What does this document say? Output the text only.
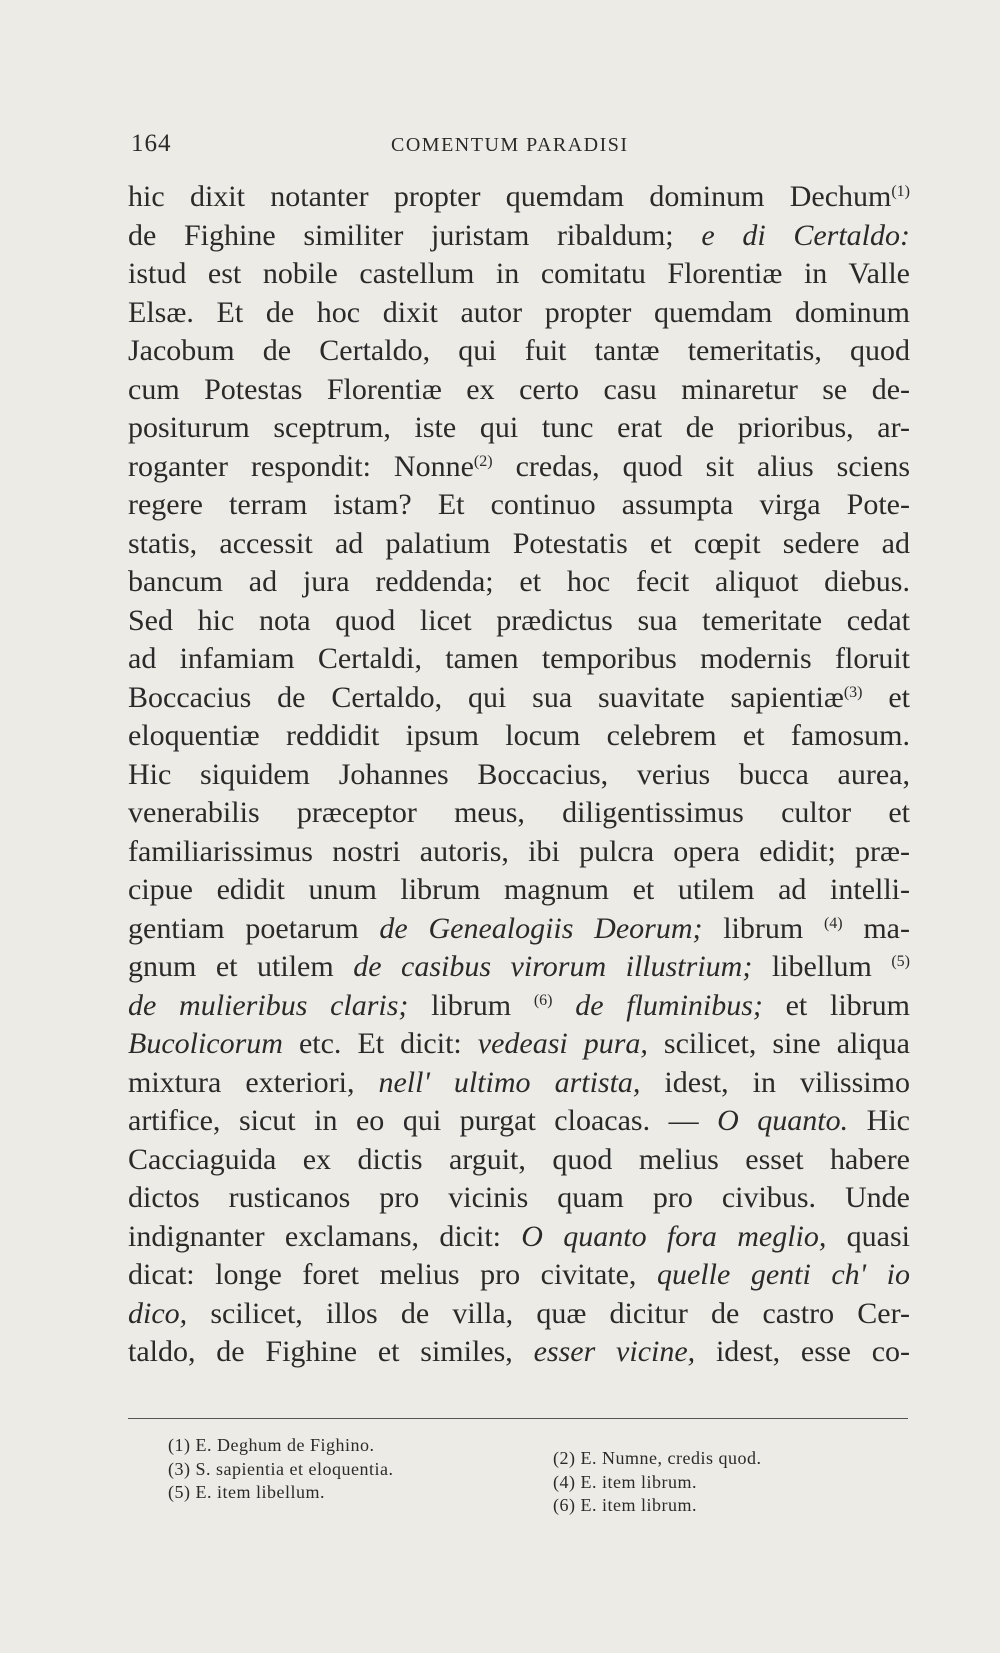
164	COMENTUM PARADISI
hic dixit notanter propter quemdam dominum Dechum$^{(1)}$
de Fighine similiter juristam ribaldum; e di Certaldo:
istud est nobile castellum in comitatu Florentiæ in Valle
Elsæ. Et de hoc dixit autor propter quemdam dominum
Jacobum de Certaldo, qui fuit tantæ temeritatis, quod
cum Potestas Florentiæ ex certo casu minaretur se de-
positurum sceptrum, iste qui tunc erat de prioribus, ar-
roganter respondit: Nonne$^{(2)}$ credas, quod sit alius sciens
regere terram istam? Et continuo assumpta virga Pote-
statis, accessit ad palatium Potestatis et cœpit sedere ad
bancum ad jura reddenda; et hoc fecit aliquot diebus.
Sed hic nota quod licet prædictus sua temeritate cedat
ad infamiam Certaldi, tamen temporibus modernis floruit
Boccacius de Certaldo, qui sua suavitate sapientiæ$^{(3)}$ et
eloquentiæ reddidit ipsum locum celebrem et famosum.
Hic siquidem Johannes Boccacius, verius bucca aurea,
venerabilis præceptor meus, diligentissimus cultor et
familiarissimus nostri autoris, ibi pulcra opera edidit; præ-
cipue edidit unum librum magnum et utilem ad intelli-
gentiam poetarum de Genealogiis Deorum; librum $^{(4)}$ ma-
gnum et utilem de casibus virorum illustrium; libellum $^{(5)}$
de mulieribus claris; librum $^{(6)}$ de fluminibus; et librum
Bucolicorum etc. Et dicit: vedeasi pura, scilicet, sine aliqua
mixtura exteriori, nell' ultimo artista, idest, in vilissimo
artifice, sicut in eo qui purgat cloacas. — O quanto. Hic
Cacciaguida ex dictis arguit, quod melius esset habere
dictos rusticanos pro vicinis quam pro civibus. Unde
indignanter exclamans, dicit: O quanto fora meglio, quasi
dicat: longe foret melius pro civitate, quelle genti ch' io
dico, scilicet, illos de villa, quæ dicitur de castro Cer-
taldo, de Fighine et similes, esser vicine, idest, esse co-
(1) E. Deghum de Fighino.
(3) S. sapientia et eloquentia.
(5) E. item libellum.
(2) E. Numne, credis quod.
(4) E. item librum.
(6) E. item librum.
